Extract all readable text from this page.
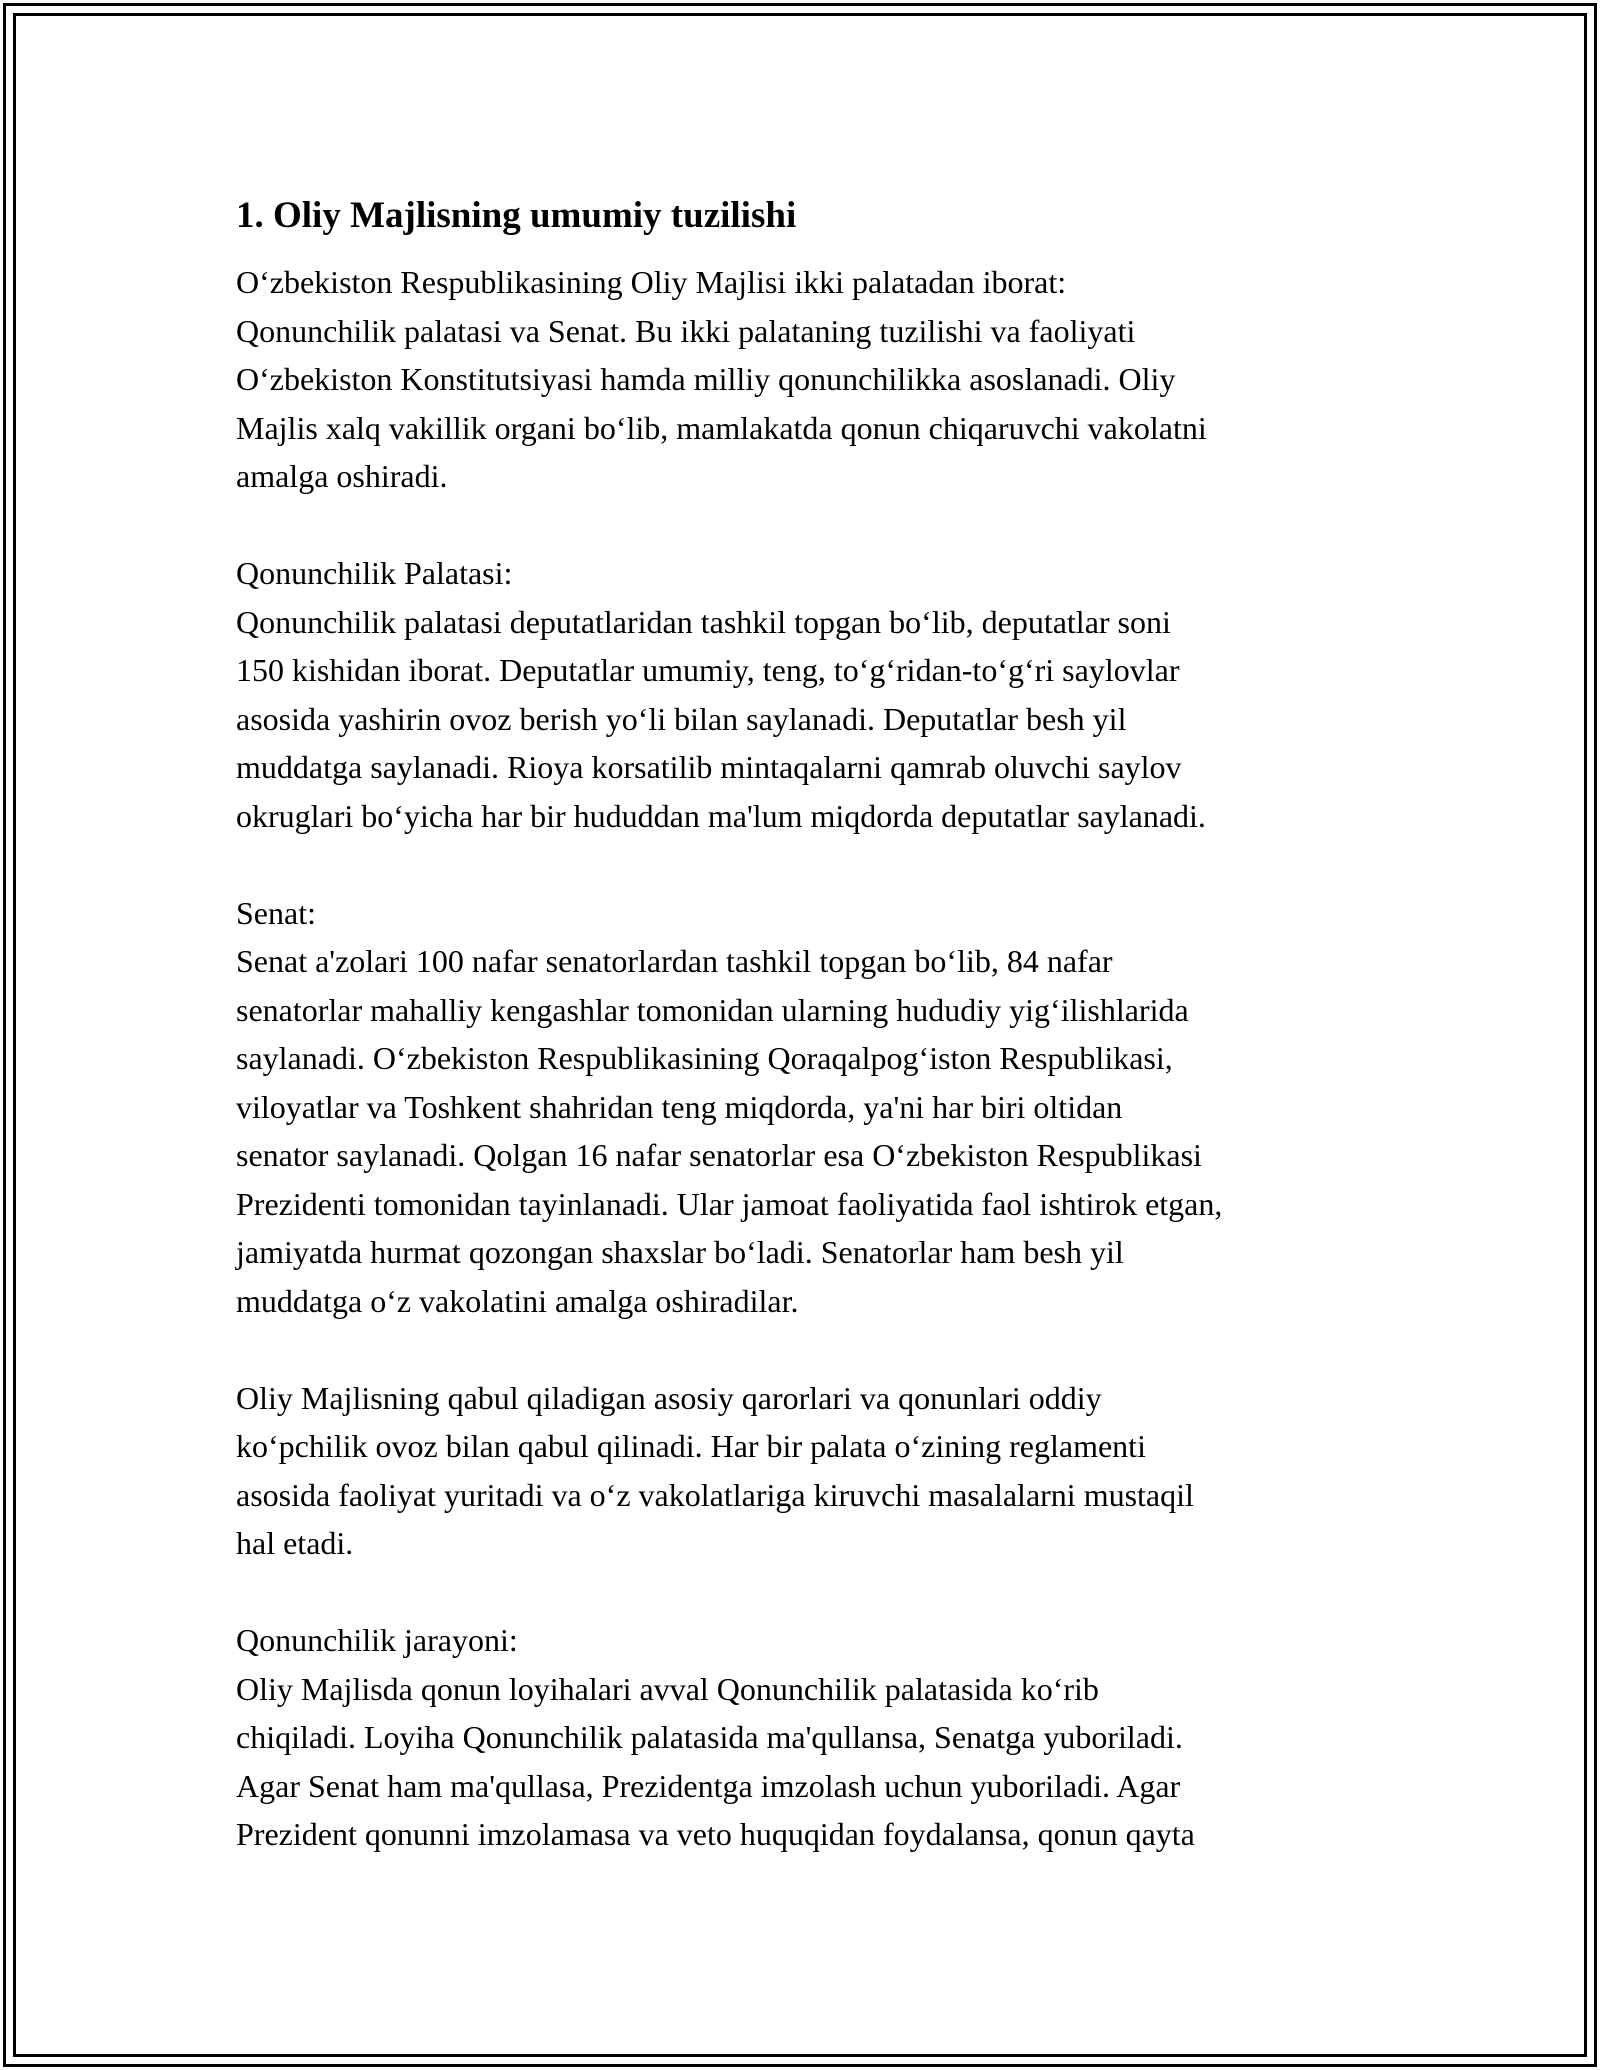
1. Oliy Majlisning umumiy tuzilishi

O‘zbekiston Respublikasining Oliy Majlisi ikki palatadan iborat:
Qonunchilik palatasi va Senat. Bu ikki palataning tuzilishi va faoliyati
O‘zbekiston Konstitutsiyasi hamda milliy qonunchilikka asoslanadi. Oliy
Majlis xalq vakillik organi bo‘lib, mamlakatda qonun chiqaruvchi vakolatni
amalga oshiradi.

Qonunchilik Palatasi:

Qonunchilik palatasi deputatlaridan tashkil topgan bo‘lib, deputatlar soni
150 kishidan iborat. Deputatlar umumiy, teng, to‘g‘ridan-to‘g‘ri saylovlar
asosida yashirin ovoz berish yo‘li bilan saylanadi. Deputatlar besh yil
muddatga saylanadi. Rioya korsatilib mintaqalarni qamrab oluvchi saylov
okruglari bo‘yicha har bir hududdan ma'lum miqdorda deputatlar saylanadi.

Senat:

Senat a'zolari 100 nafar senatorlardan tashkil topgan bo‘lib, 84 nafar
senatorlar mahalliy kengashlar tomonidan ularning hududiy yig‘ilishlarida
saylanadi. O‘zbekiston Respublikasining Qoraqalpog‘iston Respublikasi,
viloyatlar va Toshkent shahridan teng miqdorda, ya'ni har biri oltidan
senator saylanadi. Qolgan 16 nafar senatorlar esa O‘zbekiston Respublikasi
Prezidenti tomonidan tayinlanadi. Ular jamoat faoliyatida faol ishtirok etgan,
jamiyatda hurmat qozongan shaxslar bo‘ladi. Senatorlar ham besh yil
muddatga o‘z vakolatini amalga oshiradilar.

Oliy Majlisning qabul qiladigan asosiy qarorlari va qonunlari oddiy
ko‘pchilik ovoz bilan qabul qilinadi. Har bir palata o‘zining reglamenti
asosida faoliyat yuritadi va o‘z vakolatlariga kiruvchi masalalarni mustaqil
hal etadi.

Qonunchilik jarayoni:

Oliy Majlisda qonun loyihalari avval Qonunchilik palatasida ko‘rib
chiqiladi. Loyiha Qonunchilik palatasida ma'qullansa, Senatga yuboriladi.
Agar Senat ham ma'qullasa, Prezidentga imzolash uchun yuboriladi. Agar
Prezident qonunni imzolamasa va veto huquqidan foydalansa, qonun qayta
